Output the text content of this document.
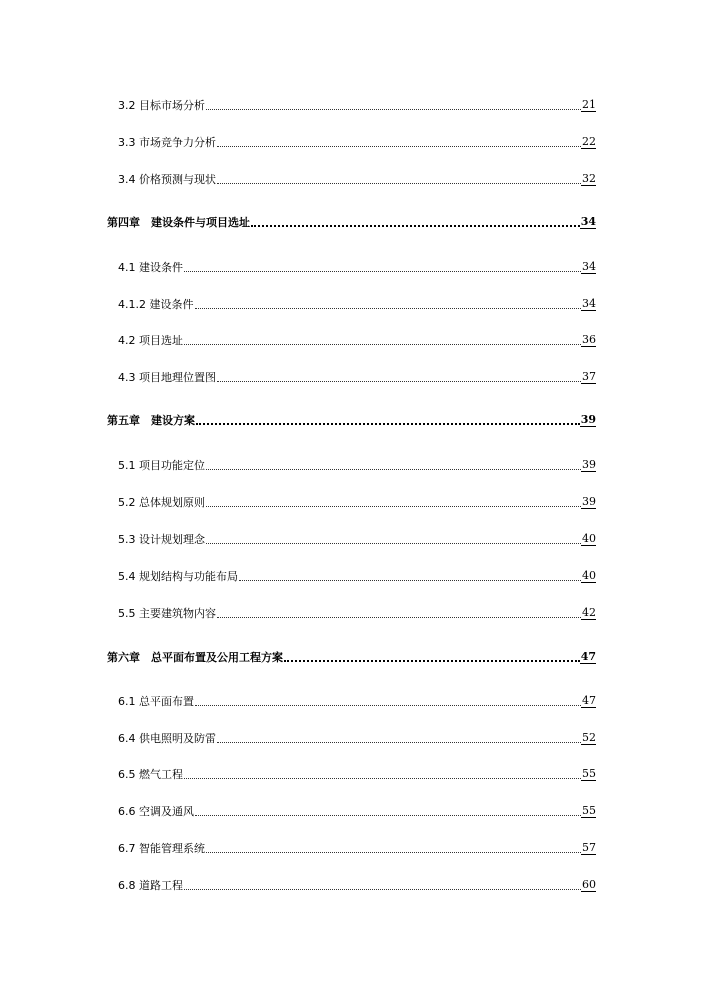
3.2 目标市场分析	21
3.3 市场竞争力分析	22
3.4 价格预测与现状	32
第四章　建设条件与项目选址	34
4.1 建设条件	34
4.1.2 建设条件	34
4.2 项目选址	36
4.3 项目地理位置图	37
第五章　建设方案	39
5.1 项目功能定位	39
5.2 总体规划原则	39
5.3 设计规划理念	40
5.4 规划结构与功能布局	40
5.5 主要建筑物内容	42
第六章　总平面布置及公用工程方案	47
6.1 总平面布置	47
6.4 供电照明及防雷	52
6.5 燃气工程	55
6.6 空调及通风	55
6.7 智能管理系统	57
6.8 道路工程	60
